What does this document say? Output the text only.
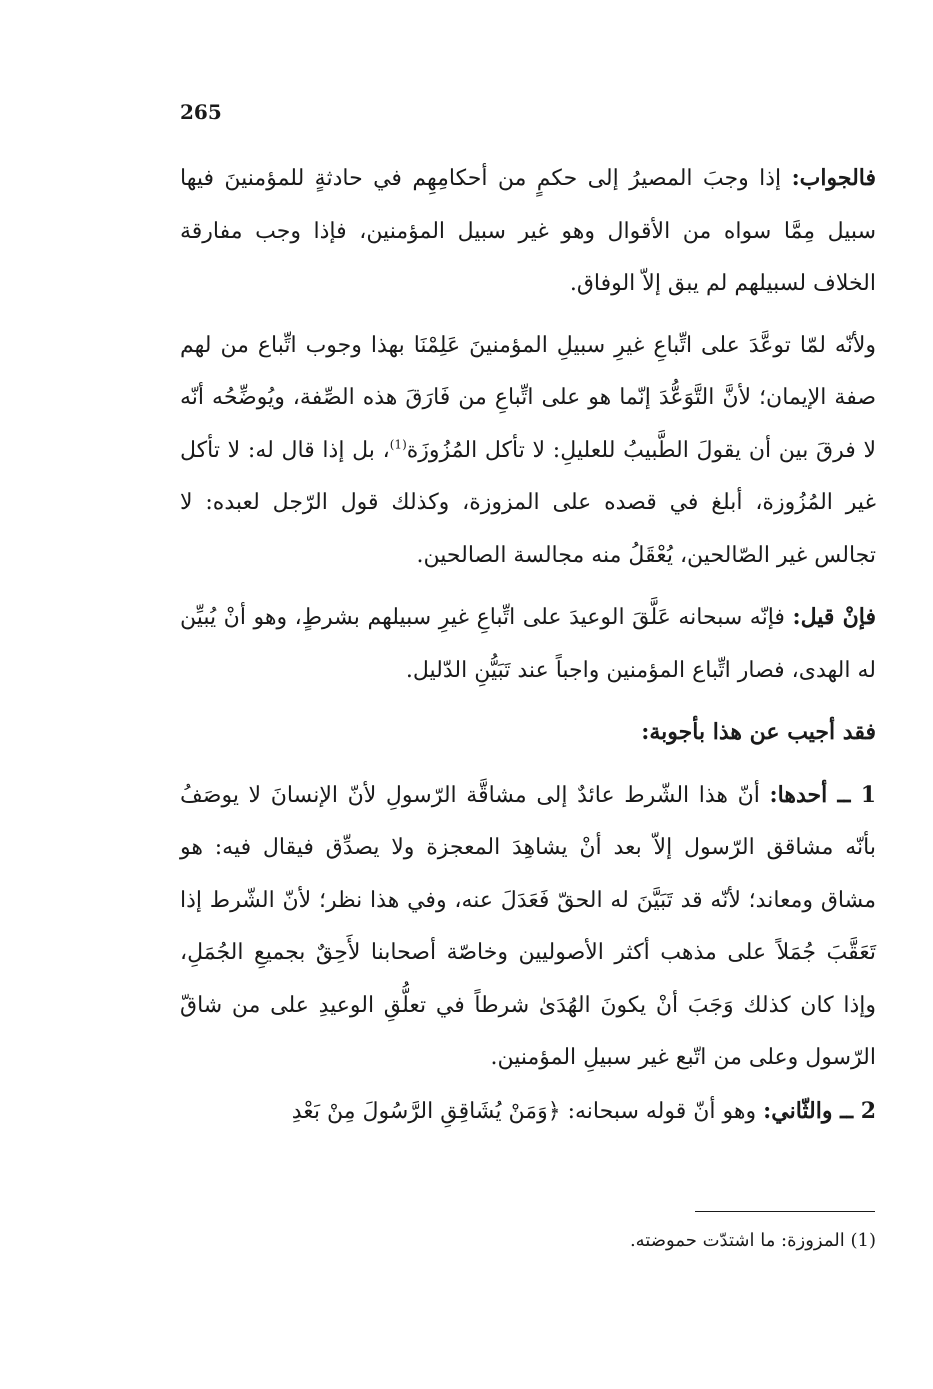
265

فالجواب: إذا وجبَ المصيرُ إلى حكمٍ من أحكامِهِم في حادثةٍ للمؤمنينَ فيها سبيل مِمَّا سواه من الأقوال وهو غير سبيل المؤمنين، فإذا وجب مفارقة الخلاف لسبيلهم لم يبق إلاّ الوفاق.

ولأنّه لمّا توعَّدَ على اتِّباعِ غيرِ سبيلِ المؤمنينَ عَلِمْنَا بهذا وجوب اتِّباع من لهم صفة الإيمان؛ لأنَّ التَّوَعُّدَ إنّما هو على اتِّباعِ من فَارَقَ هذه الصِّفة، ويُوضِّحُه أنّه لا فرقَ بين أن يقولَ الطَّبيبُ للعليلِ: لا تأكل المُزُوزَة$^{(1)}$، بل إذا قال له: لا تأكل غير المُزُوزة، أبلغ في قصده على المزوزة، وكذلك قول الرّجل لعبده: لا تجالس غير الصّالحين، يُعْقَلُ منه مجالسة الصالحين.

فإنْ قيل: فإنّه سبحانه عَلَّقَ الوعيدَ على اتِّباعِ غيرِ سبيلهم بشرطٍ، وهو أنْ يُبيِّن له الهدى، فصار اتِّباع المؤمنين واجباً عند تَبَيُّنِ الدّليل.

فقد أجيب عن هذا بأجوبة:

1 ــ أحدها: أنّ هذا الشّرط عائدٌ إلى مشاقَّة الرّسولِ لأنّ الإنسانَ لا يوصَفُ بأنّه مشاقق الرّسول إلاّ بعد أنْ يشاهِدَ المعجزة ولا يصدِّق فيقال فيه: هو مشاق ومعاند؛ لأنّه قد تَبَيَّنَ له الحقّ فَعَدَلَ عنه، وفي هذا نظر؛ لأنّ الشّرط إذا تَعَقَّبَ جُمَلاً على مذهب أكثر الأصوليين وخاصّة أصحابنا لأَحِقٌ بجميعِ الجُمَلِ، وإذا كان كذلك وَجَبَ أنْ يكونَ الهُدَىٰ شرطاً في تعلُّقِ الوعيدِ على من شاقّ الرّسول وعلى من اتّبع غير سبيلِ المؤمنين.

2 ــ والثّاني: وهو أنّ قوله سبحانه: ﴿وَمَنْ يُشَاقِقِ الرَّسُولَ مِنْ بَعْدِ

(1) المزوزة: ما اشتدّت حموضته.
